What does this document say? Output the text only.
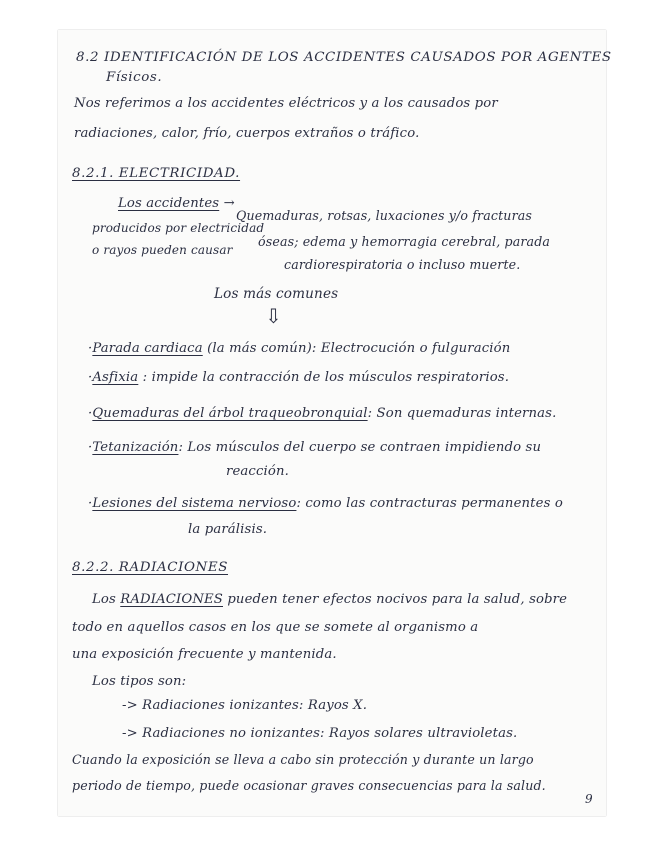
8.2 IDENTIFICACIÓN DE LOS ACCIDENTES CAUSADOS POR AGENTES
Físicos.
Nos referimos a los accidentes eléctricos y a los causados por
radiaciones, calor, frío, cuerpos extraños o tráfico.
8.2.1. ELECTRICIDAD.
Los accidentes →
producidos por electricidad
o rayos pueden causar
Quemaduras, rotsas, luxaciones y/o fracturas
óseas; edema y hemorragia cerebral, parada
cardiorespiratoria o incluso muerte.
Los más comunes
⇩
·Parada cardiaca (la más común): Electrocución o fulguración
·Asfixia : impide la contracción de los músculos respiratorios.
·Quemaduras del árbol traqueobronquial: Son quemaduras internas.
·Tetanización: Los músculos del cuerpo se contraen impidiendo su
reacción.
·Lesiones del sistema nervioso: como las contracturas permanentes o
la parálisis.
8.2.2. RADIACIONES
Los RADIACIONES pueden tener efectos nocivos para la salud, sobre
todo en aquellos casos en los que se somete al organismo a
una exposición frecuente y mantenida.
Los tipos son:
-> Radiaciones ionizantes: Rayos X.
-> Radiaciones no ionizantes: Rayos solares ultravioletas.
Cuando la exposición se lleva a cabo sin protección y durante un largo
periodo de tiempo, puede ocasionar graves consecuencias para la salud.
9
